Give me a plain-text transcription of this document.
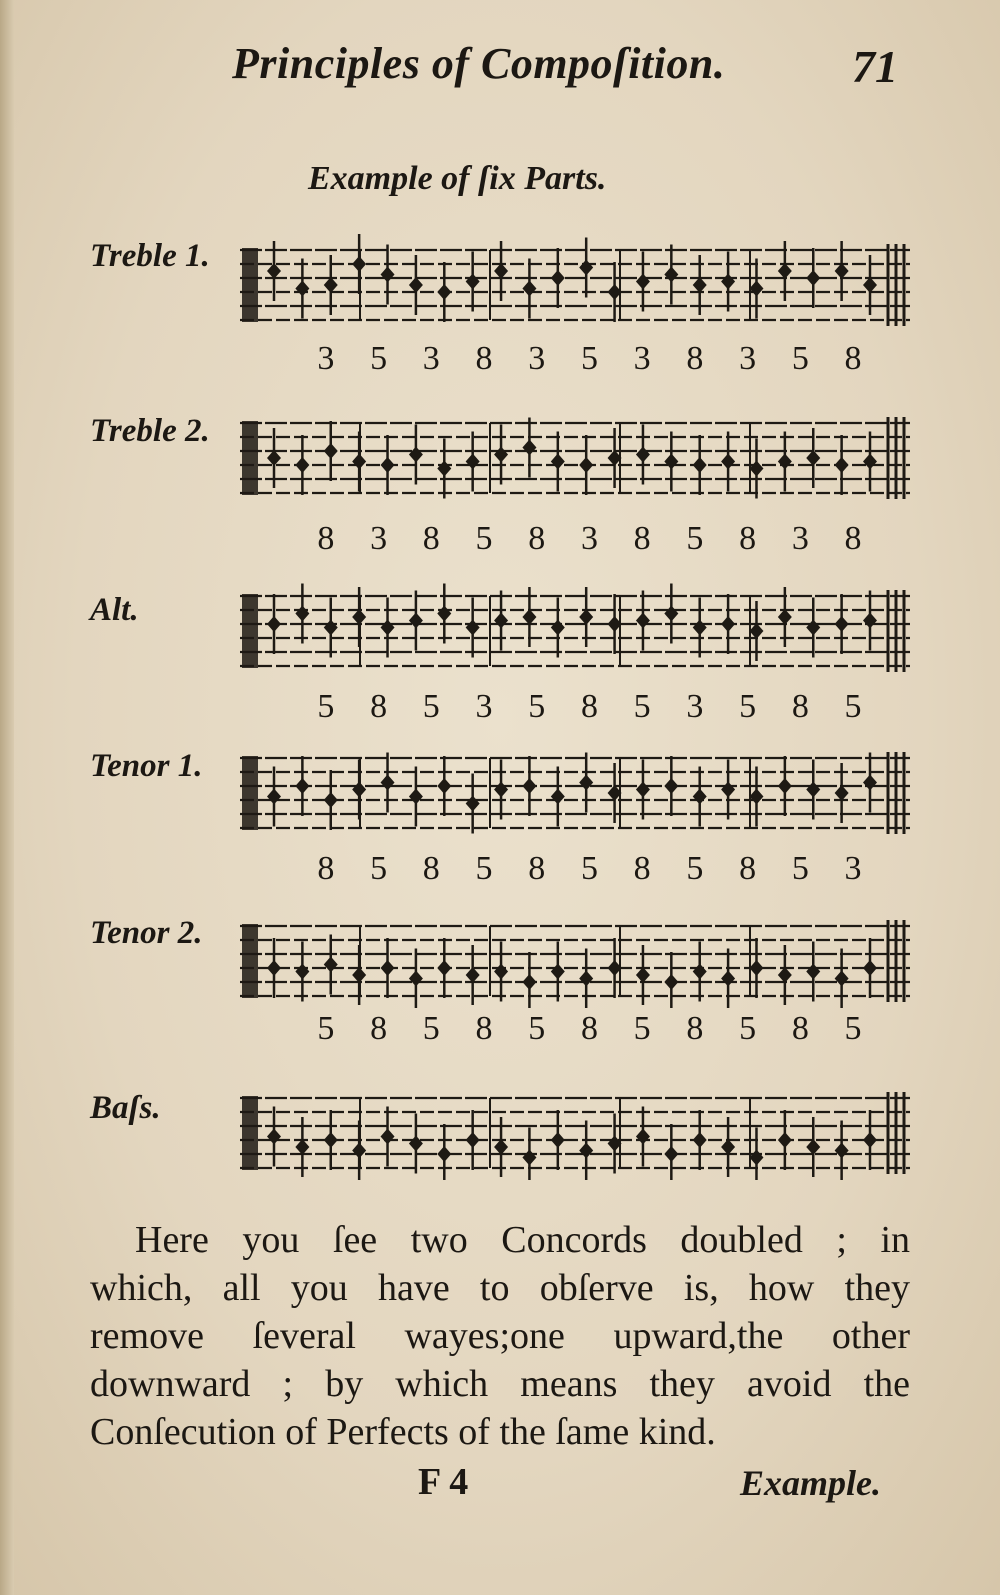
Principles of Compoſition.	71
Example of ſix Parts.
Treble 1.
3 5 3 8 3 5 3 8 3 5 8
Treble 2.
8 3 8 5 8 3 8 5 8 3 8
Alt.
5 8 5 3 5 8 5 3 5 8 5
Tenor 1.
8 5 8 5 8 5 8 5 8 5 3
Tenor 2.
5 8 5 8 5 8 5 8 5 8 5
Baſs.
Here you ſee two Concords doubled ; in
which, all you have to obſerve is, how they
remove ſeveral wayes;one upward,the other
downward ; by which means they avoid the
Conſecution of Perfects of the ſame kind.
F 4	Example.
